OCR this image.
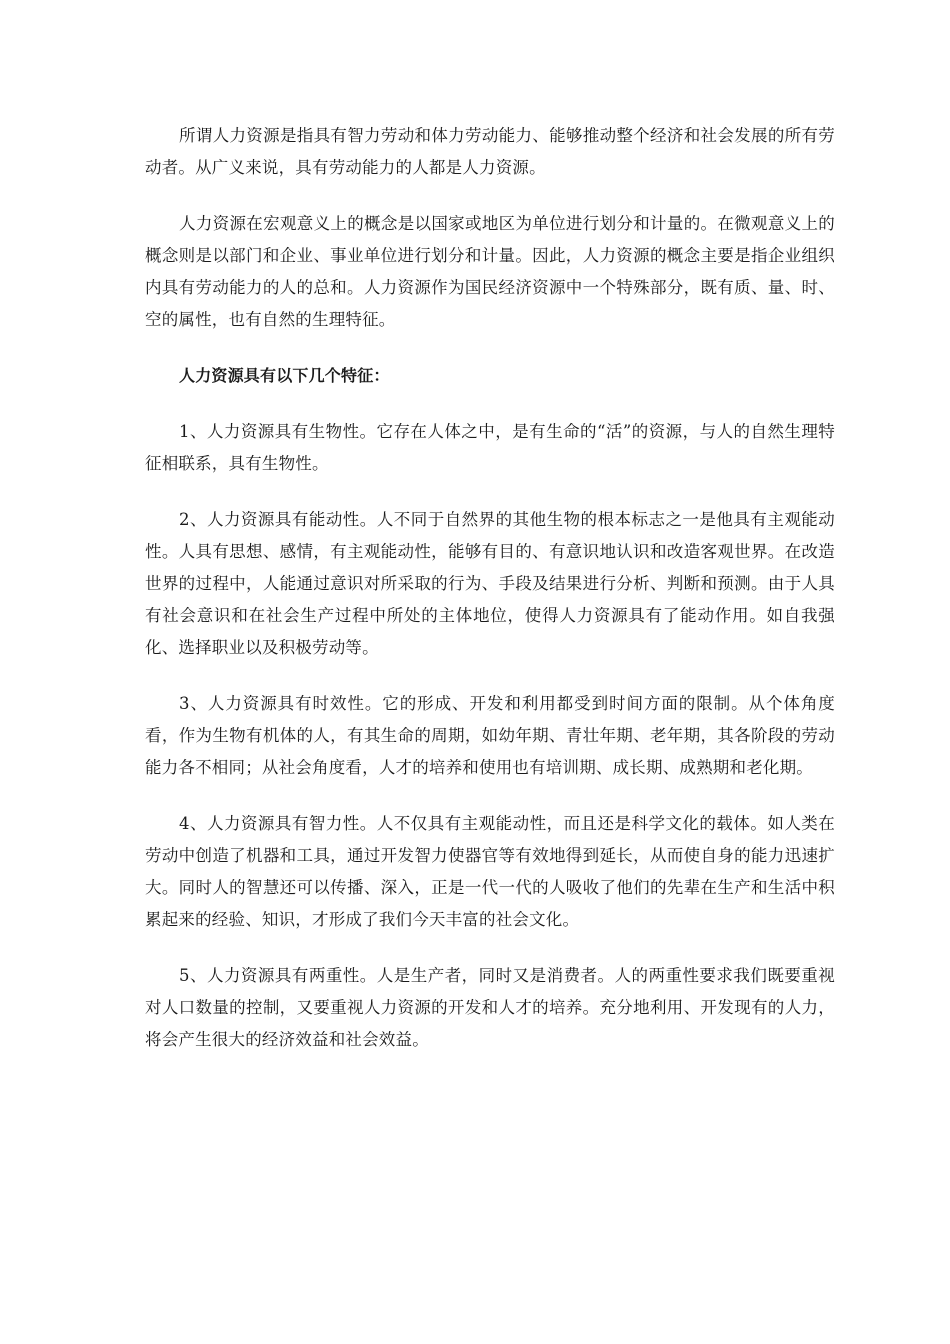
所谓人力资源是指具有智力劳动和体力劳动能力、能够推动整个经济和社会发展的所有劳动者。从广义来说，具有劳动能力的人都是人力资源。

人力资源在宏观意义上的概念是以国家或地区为单位进行划分和计量的。在微观意义上的概念则是以部门和企业、事业单位进行划分和计量。因此，人力资源的概念主要是指企业组织内具有劳动能力的人的总和。人力资源作为国民经济资源中一个特殊部分，既有质、量、时、空的属性，也有自然的生理特征。

人力资源具有以下几个特征：

1、人力资源具有生物性。它存在人体之中，是有生命的“活”的资源，与人的自然生理特征相联系，具有生物性。

2、人力资源具有能动性。人不同于自然界的其他生物的根本标志之一是他具有主观能动性。人具有思想、感情，有主观能动性，能够有目的、有意识地认识和改造客观世界。在改造世界的过程中，人能通过意识对所采取的行为、手段及结果进行分析、判断和预测。由于人具有社会意识和在社会生产过程中所处的主体地位，使得人力资源具有了能动作用。如自我强化、选择职业以及积极劳动等。

3、人力资源具有时效性。它的形成、开发和利用都受到时间方面的限制。从个体角度看，作为生物有机体的人，有其生命的周期，如幼年期、青壮年期、老年期，其各阶段的劳动能力各不相同；从社会角度看，人才的培养和使用也有培训期、成长期、成熟期和老化期。

4、人力资源具有智力性。人不仅具有主观能动性，而且还是科学文化的载体。如人类在劳动中创造了机器和工具，通过开发智力使器官等有效地得到延长，从而使自身的能力迅速扩大。同时人的智慧还可以传播、深入，正是一代一代的人吸收了他们的先辈在生产和生活中积累起来的经验、知识，才形成了我们今天丰富的社会文化。

5、人力资源具有两重性。人是生产者，同时又是消费者。人的两重性要求我们既要重视对人口数量的控制，又要重视人力资源的开发和人才的培养。充分地利用、开发现有的人力，将会产生很大的经济效益和社会效益。
